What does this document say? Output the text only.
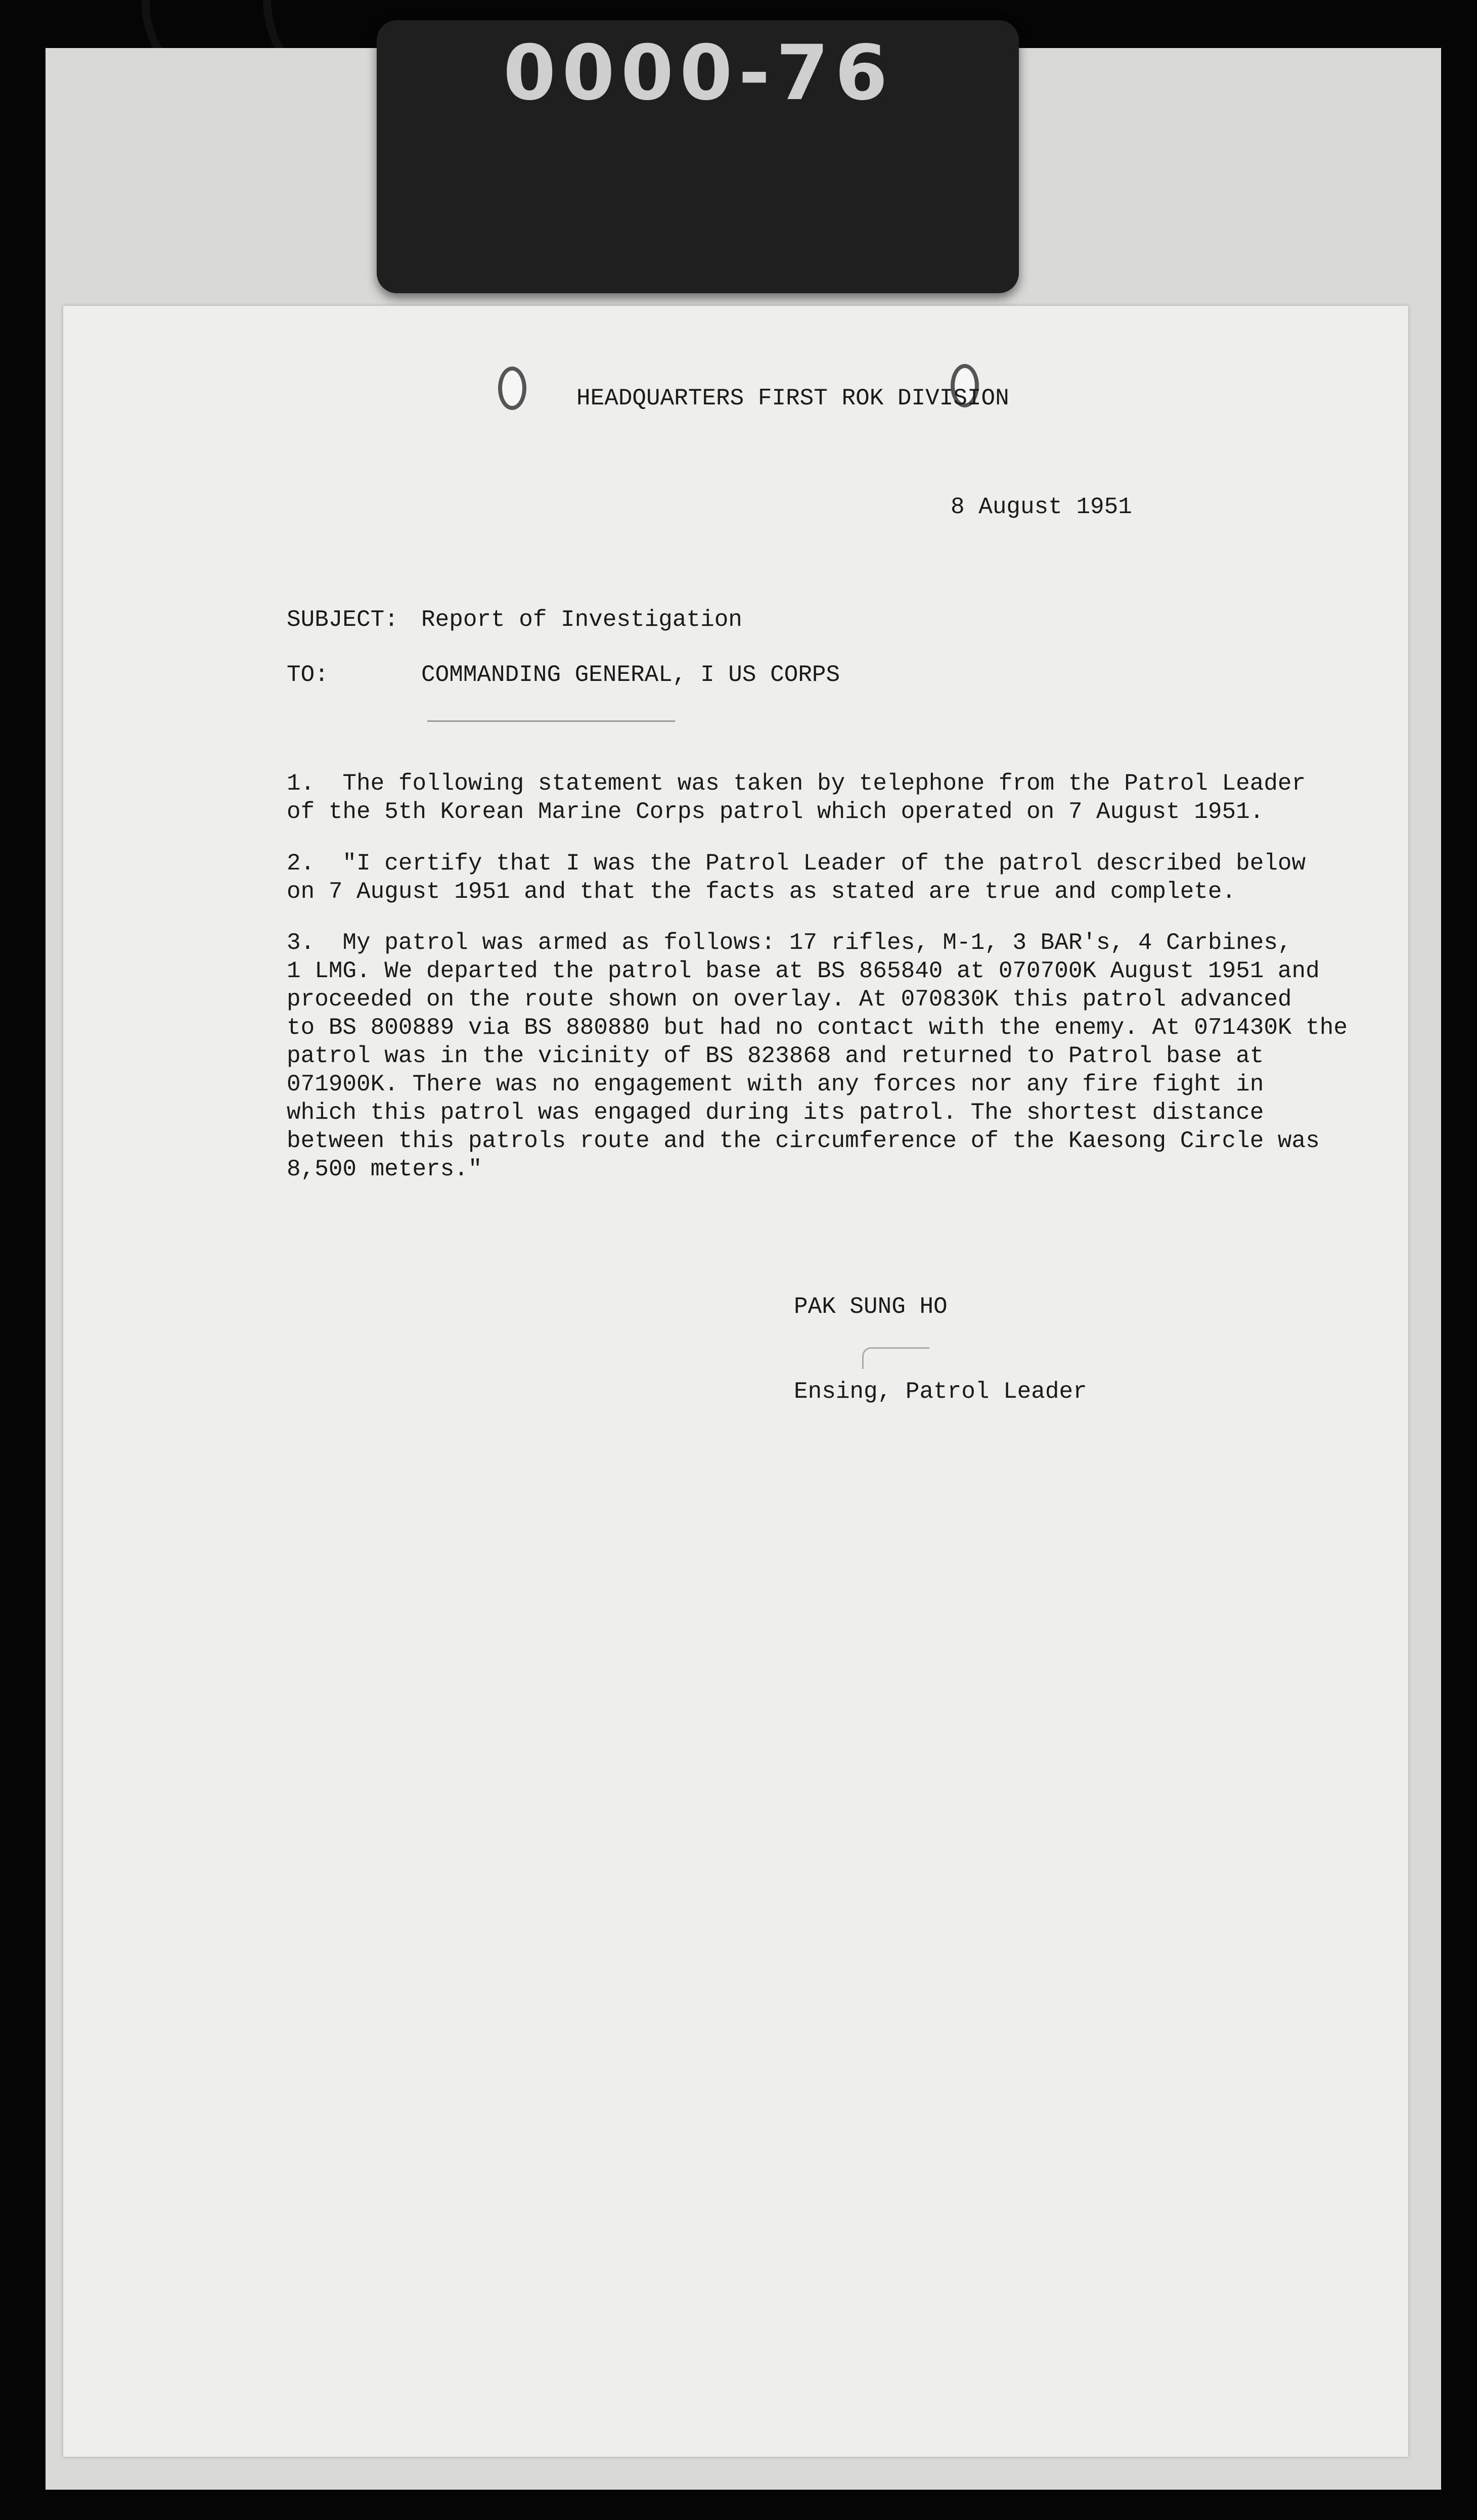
0000-76
HEADQUARTERS FIRST ROK DIVISION
8 August 1951
SUBJECT: Report of Investigation
TO:	COMMANDING GENERAL, I US CORPS
1.  The following statement was taken by telephone from the Patrol Leader
of the 5th Korean Marine Corps patrol which operated on 7 August 1951.
2.  "I certify that I was the Patrol Leader of the patrol described below
on 7 August 1951 and that the facts as stated are true and complete.
3.  My patrol was armed as follows: 17 rifles, M-1, 3 BAR's, 4 Carbines,
1 LMG. We departed the patrol base at BS 865840 at 070700K August 1951 and
proceeded on the route shown on overlay. At 070830K this patrol advanced
to BS 800889 via BS 880880 but had no contact with the enemy. At 071430K the
patrol was in the vicinity of BS 823868 and returned to Patrol base at
071900K. There was no engagement with any forces nor any fire fight in
which this patrol was engaged during its patrol. The shortest distance
between this patrols route and the circumference of the Kaesong Circle was
8,500 meters."

PAK SUNG HO

Ensing, Patrol Leader
